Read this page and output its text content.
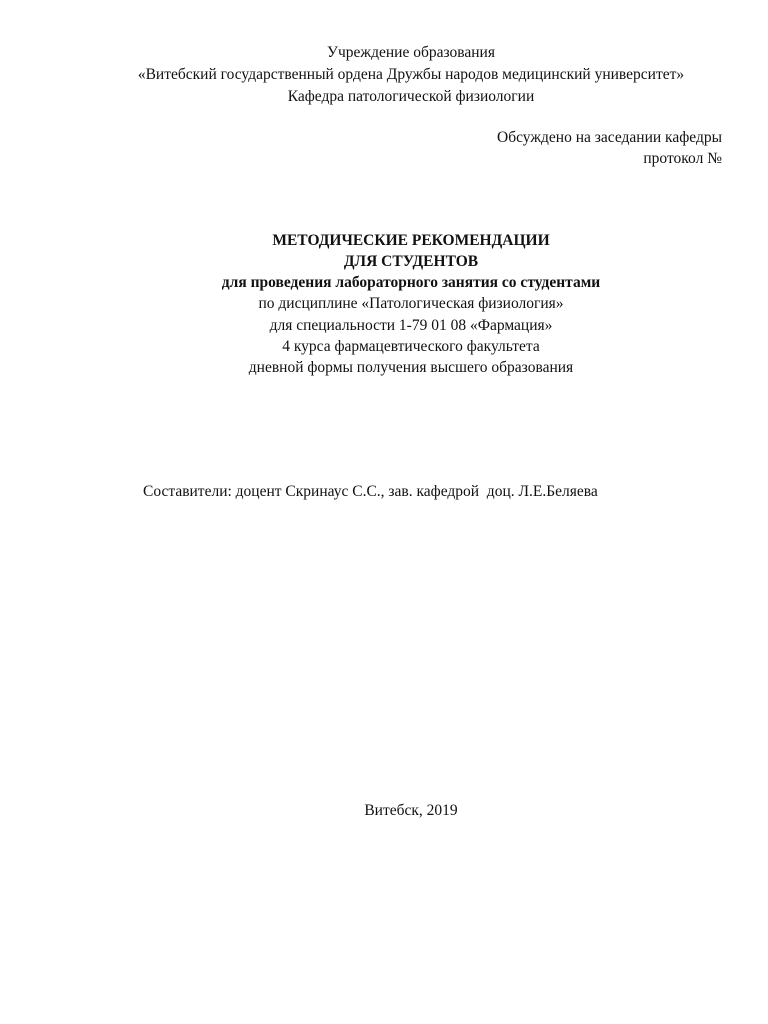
Учреждение образования
«Витебский государственный ордена Дружбы народов медицинский университет»
Кафедра патологической физиологии
Обсуждено на заседании кафедры
протокол №
МЕТОДИЧЕСКИЕ РЕКОМЕНДАЦИИ
ДЛЯ СТУДЕНТОВ
для проведения лабораторного занятия со студентами
по дисциплине «Патологическая физиология»
для специальности 1-79 01 08 «Фармация»
4 курса фармацевтического факультета
дневной формы получения высшего образования
Составители: доцент Скринаус С.С., зав. кафедрой  доц. Л.Е.Беляева
Витебск, 2019
